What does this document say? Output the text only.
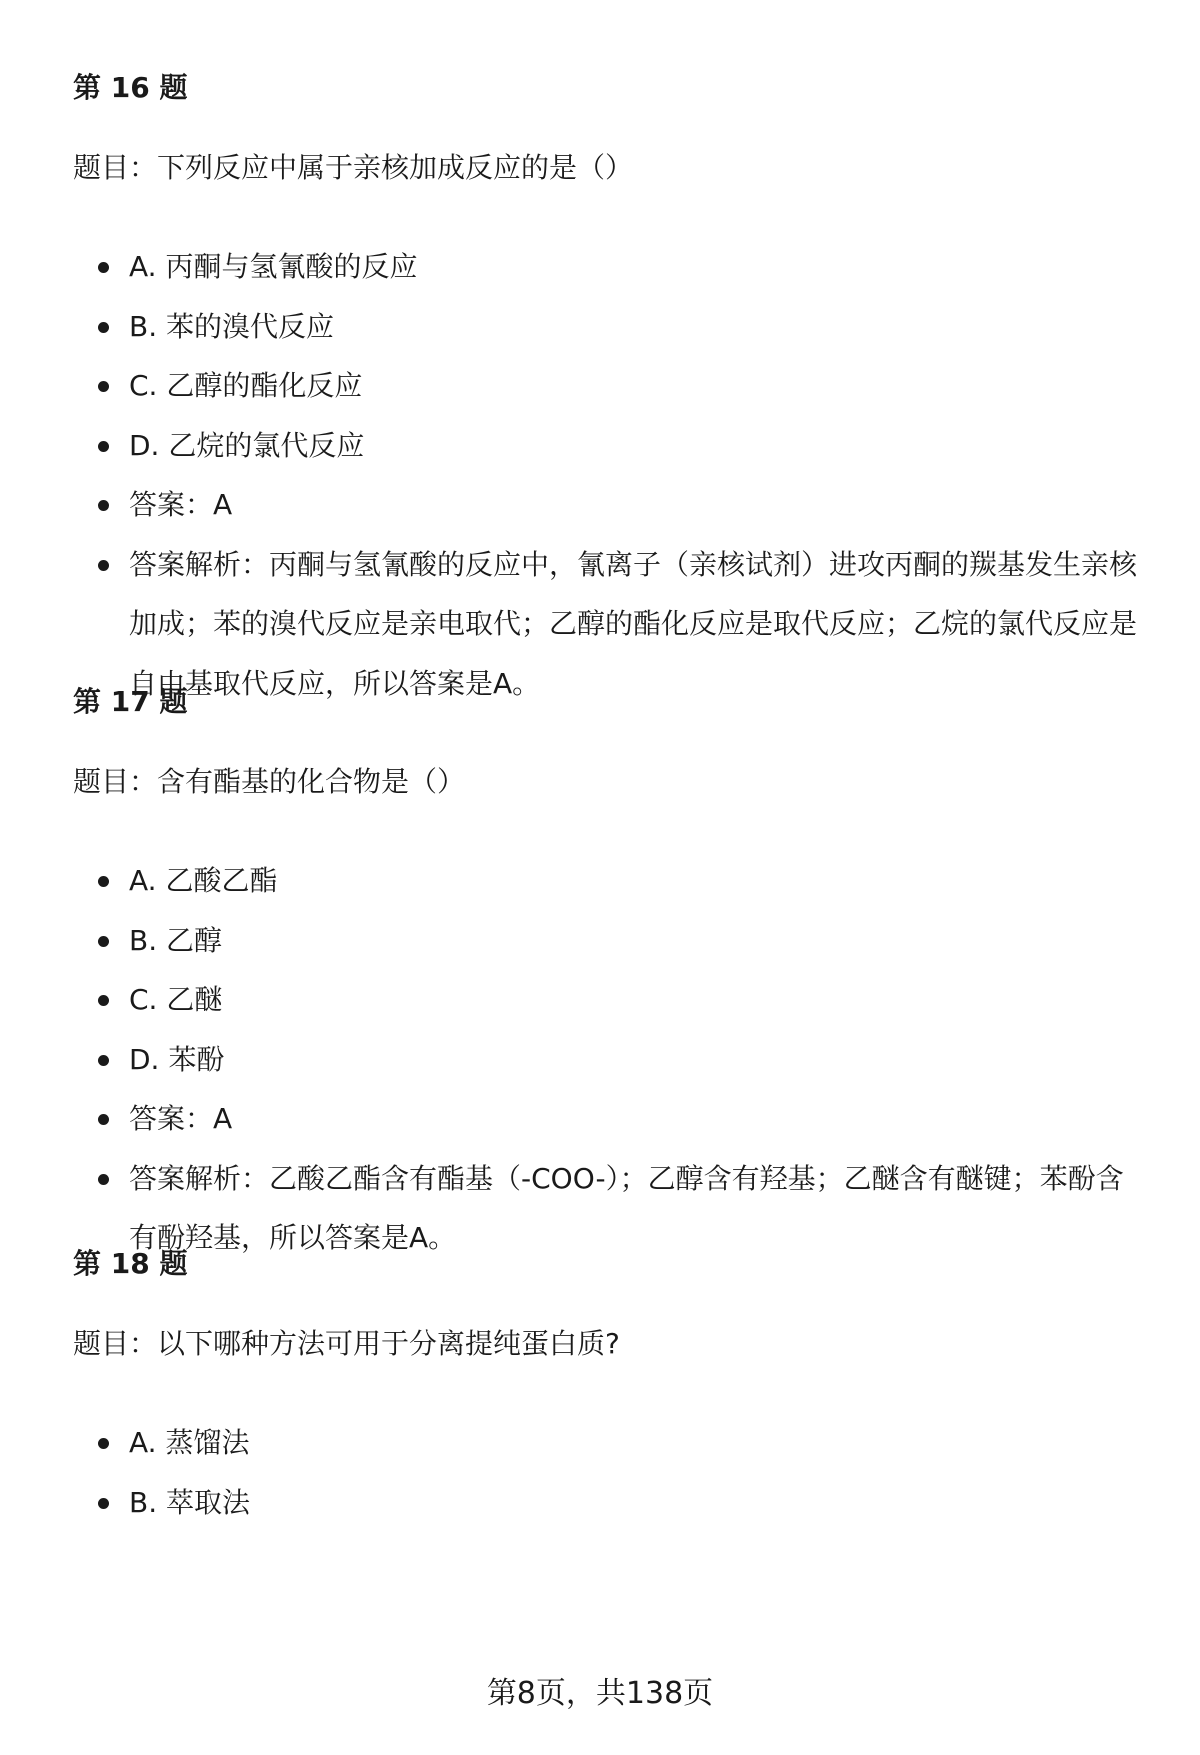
第 16 题

题目：下列反应中属于亲核加成反应的是（）

A. 丙酮与氢氰酸的反应
B. 苯的溴代反应
C. 乙醇的酯化反应
D. 乙烷的氯代反应
答案：A
答案解析：丙酮与氢氰酸的反应中，氰离子（亲核试剂）进攻丙酮的羰基发生亲核加成；苯的溴代反应是亲电取代；乙醇的酯化反应是取代反应；乙烷的氯代反应是自由基取代反应，所以答案是A。
第 17 题

题目：含有酯基的化合物是（）

A. 乙酸乙酯
B. 乙醇
C. 乙醚
D. 苯酚
答案：A
答案解析：乙酸乙酯含有酯基（-COO-）；乙醇含有羟基；乙醚含有醚键；苯酚含有酚羟基，所以答案是A。
第 18 题

题目：以下哪种方法可用于分离提纯蛋白质?

A. 蒸馏法
B. 萃取法
第8页，共138页
